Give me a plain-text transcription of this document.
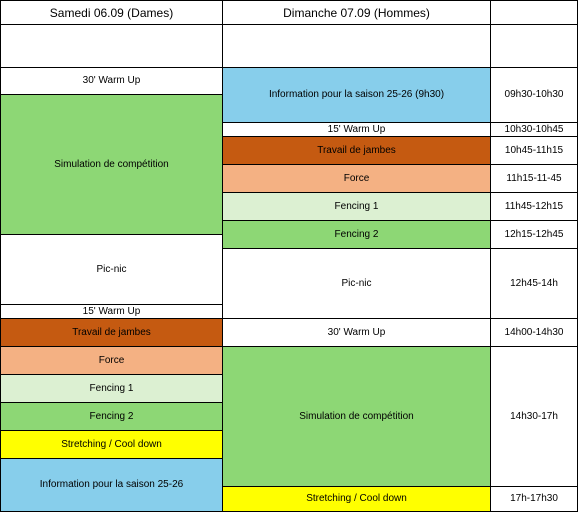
Samedi 06.09 (Dames)	Dimanche 07.09 (Hommes)
30' Warm Up
Simulation de compétition
Pic-nic
15' Warm Up
Travail de jambes
Force
Fencing 1
Fencing 2
Stretching / Cool down
Information pour la saison 25-26
Information pour la saison 25-26 (9h30)
15' Warm Up
Travail de jambes
Force
Fencing 1
Fencing 2
Pic-nic
30' Warm Up
Simulation de compétition
Stretching / Cool down
09h30-10h30
10h30-10h45
10h45-11h15
11h15-11-45
11h45-12h15
12h15-12h45
12h45-14h
14h00-14h30
14h30-17h
17h-17h30
